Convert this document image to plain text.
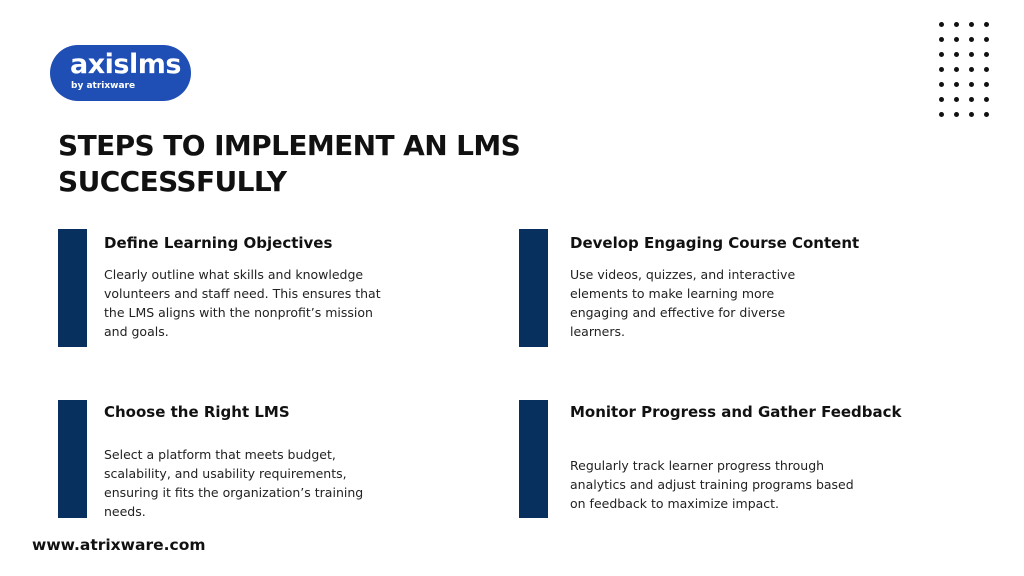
axislms
by atrixware
STEPS TO IMPLEMENT AN LMS SUCCESSFULLY
Define Learning Objectives

Clearly outline what skills and knowledge volunteers and staff need. This ensures that the LMS aligns with the nonprofit’s mission and goals.

Develop Engaging Course Content

Use videos, quizzes, and interactive elements to make learning more engaging and effective for diverse learners.

Choose the Right LMS

Select a platform that meets budget, scalability, and usability requirements, ensuring it fits the organization’s training needs.

Monitor Progress and Gather Feedback

Regularly track learner progress through analytics and adjust training programs based on feedback to maximize impact.

www.atrixware.com
